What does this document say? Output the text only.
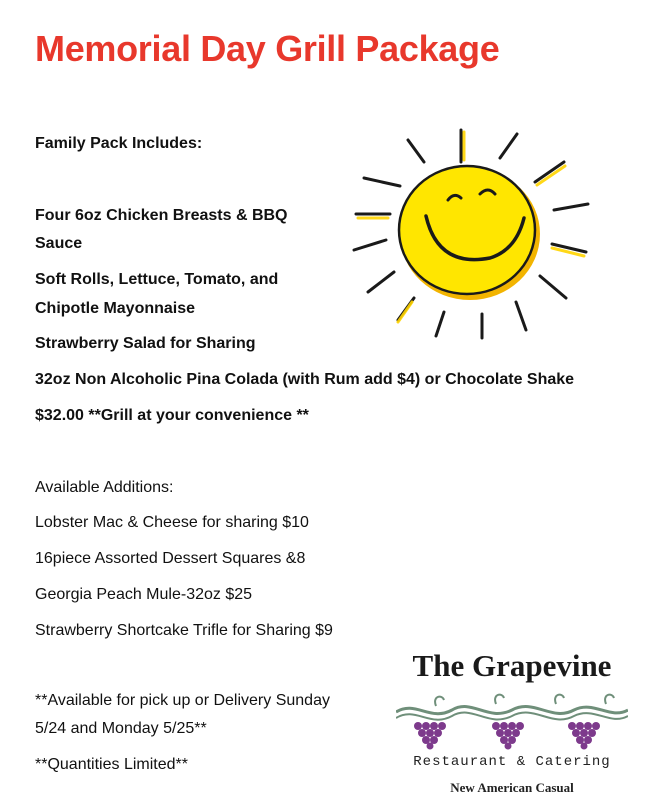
Memorial Day Grill Package
Family Pack Includes:
Four 6oz Chicken Breasts & BBQ
Sauce
Soft Rolls, Lettuce, Tomato, and
Chipotle Mayonnaise
Strawberry Salad for Sharing
32oz Non Alcoholic Pina Colada (with Rum add $4) or Chocolate Shake
$32.00 **Grill at your convenience **
Available Additions:
Lobster Mac & Cheese for sharing $10
16piece Assorted Dessert Squares &8
Georgia Peach Mule-32oz $25
Strawberry Shortcake Trifle for Sharing $9
**Available for pick up or Delivery Sunday
5/24 and Monday 5/25**
**Quantities Limited**
The Grapevine
Restaurant & Catering
New American Casual
